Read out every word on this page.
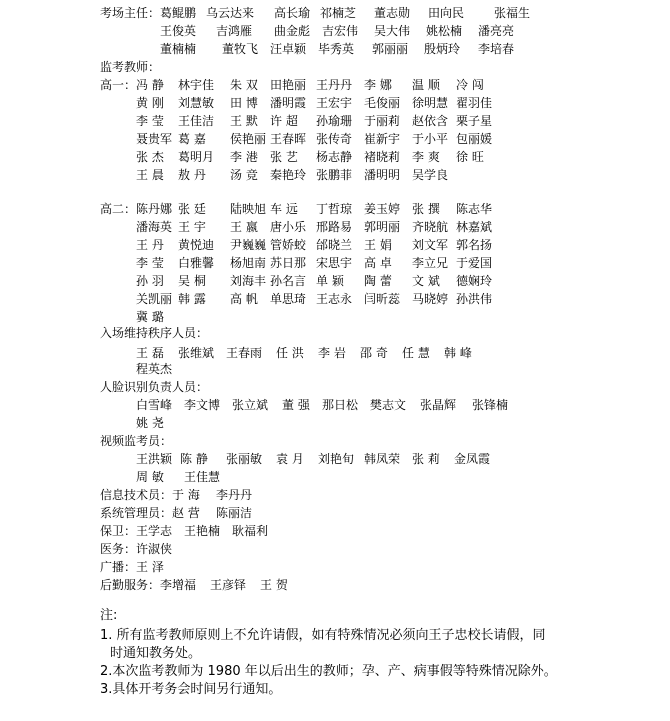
考场主任： 葛鲲鹏 乌云达来 高长瑜 祁楠芝 董志勋 田向民 张福生
王俊英 吉鸿雁 曲金彪 吉宏伟 吴大伟 姚松楠 潘亮亮
董楠楠 董牧飞 汪卓颖 毕秀英 郭丽丽 殷炳玲 李培春
监考教师：
高一： 冯 静 林宇佳 朱 双 田艳丽 王丹丹 李 娜 温 顺 冷 闯
黄 刚 刘慧敏 田 博 潘明霞 王宏宇 毛俊丽 徐明慧 翟羽佳
李 莹 王佳洁 王 默 许 超 孙瑜珊 于丽莉 赵依含 栗子星
聂贵军 葛 嘉 侯艳丽 王春晖 张传奇 崔新宇 于小平 包丽媛
张 杰 葛明月 李 港 张 艺 杨志静 褚晓莉 李 爽 徐 旺
王 晨 敖 丹 汤 竞 秦艳玲 张鹏菲 潘明明 吴学良
高二： 陈丹娜 张 廷 陆映旭 车 远 丁哲琼 姜玉婷 张 撰 陈志华
潘海英 王 宇 王 嬴 唐小乐 邢路易 郭明丽 齐晓航 林嘉斌
王 丹 黄悦迪 尹巍巍 管娇蛟 邰晓兰 王 娟 刘文军 郭名扬
李 莹 白雅馨 杨旭南 苏日那 宋思宇 高 卓 李立兄 于爱国
孙 羽 吴 桐 刘海丰 孙名言 单 颖 陶 蕾 文 斌 德娴玲
关凯丽 韩 露 高 帆 单思琦 王志永 闫昕蕊 马晓婷 孙洪伟
冀 璐
入场维持秩序人员：
王 磊 张维斌 王春雨 任 洪 李 岩 邵 奇 任 慧 韩 峰
程英杰
人脸识别负责人员：
白雪峰 李文博 张立斌 董 强 那日松 樊志文 张晶辉 张锋楠
姚 尧
视频监考员：
王洪颖 陈 静 张丽敏 袁 月 刘艳旬 韩凤荣 张 莉 金凤霞
周 敏 王佳慧
信息技术员： 于 海 李丹丹
系统管理员： 赵 营 陈丽洁
保卫： 王学志 王艳楠 耿福利
医务： 许淑侠
广播： 王 泽
后勤服务： 李增福 王彦铎 王 贺
注:
1. 所有监考教师原则上不允许请假，如有特殊情况必须向王子忠校长请假，同
时通知教务处。
2.本次监考教师为 1980 年以后出生的教师；孕、产、病事假等特殊情况除外。
3.具体开考务会时间另行通知。
